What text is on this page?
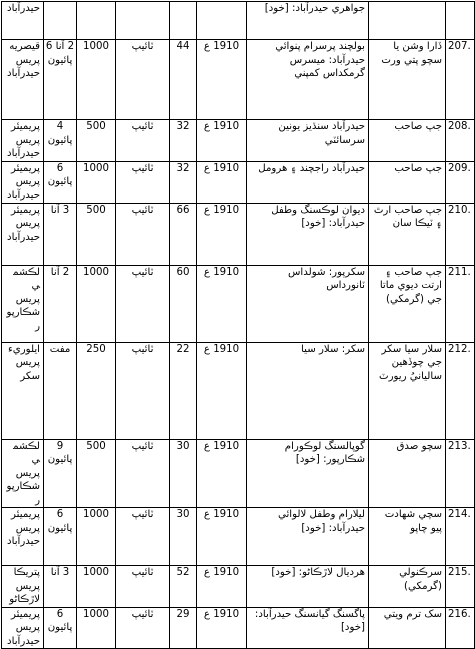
		جواهري حيدرآباد: [خود]						حيدرآباد
207.	ڏارا وشن يا سچو پتي ورت	بولچند پرسرام پنوائي حيدرآباد: ميسرس گرمکداس کمپني	1910 ع	44	ٽائيپ	1000	2 آنا 6 پائيون	قيصريه پريس حيدرآباد
208.	جپ صاحب	حيدرآباد سنڌيز يونين سرسائٽي	1910 ع	32	ٽائيپ	500	4 پائيون	پريميئر پريس حيدرآباد
209.	جپ صاحب	حيدرآباد راجچند ۽ هرومل	1910 ع	32	ٽائيپ	1000	6 پائيون	پريميئر پريس حيدرآباد
210.	جپ صاحب ارٿ ۽ ٽيڪا سان	ديوان لوڪسنگ وطفل حيدرآباد: [خود]	1910 ع	66	ٽائيپ	500	3 آنا	پريميئر پريس حيدرآباد
211.	جپ صاحب ۽ ارتت ديوي ماتا جي (گرمکي)	سکرپور: شولداس ٽانورداس	1910 ع	60	ٽائيپ	1000	2 آنا	لڪشمي پريس شڪارپور
212.	سلار سيا سکر جي چوڏهين ساليانيُ ريورٽ	سکر: سلار سيا	1910 ع	22	ٽائيپ	250	مفت	ايلوريء پريس سکر
213.	سچو صدق	گوپالسنگ لوڪورام شڪارپور: [خود]	1910 ع	30	ٽائيپ	500	9 پائيون	لڪشمي پريس شڪارپور
214.	سچي شهادت پيو چاپو	ليلارام وطفل لالوائي حيدرآباد: [خود]	1910 ع	30	ٽائيپ	1000	6 پائيون	پريميئر پريس حيدرآباد
215.	سرڪنولي (گرمکي)	هرديال لاڙڪاڻو: [خود]	1910 ع	52	ٽائيپ	1000	3 آنا	پتريڪا پريس لاڙڪاڻو
216.	سک ترم ويتي	پاگسنگ گيانسنگ حيدرآباد: [خود]	1910 ع	29	ٽائيپ	1000	6 پائيون	پريميئر پريس حيدرآباد
